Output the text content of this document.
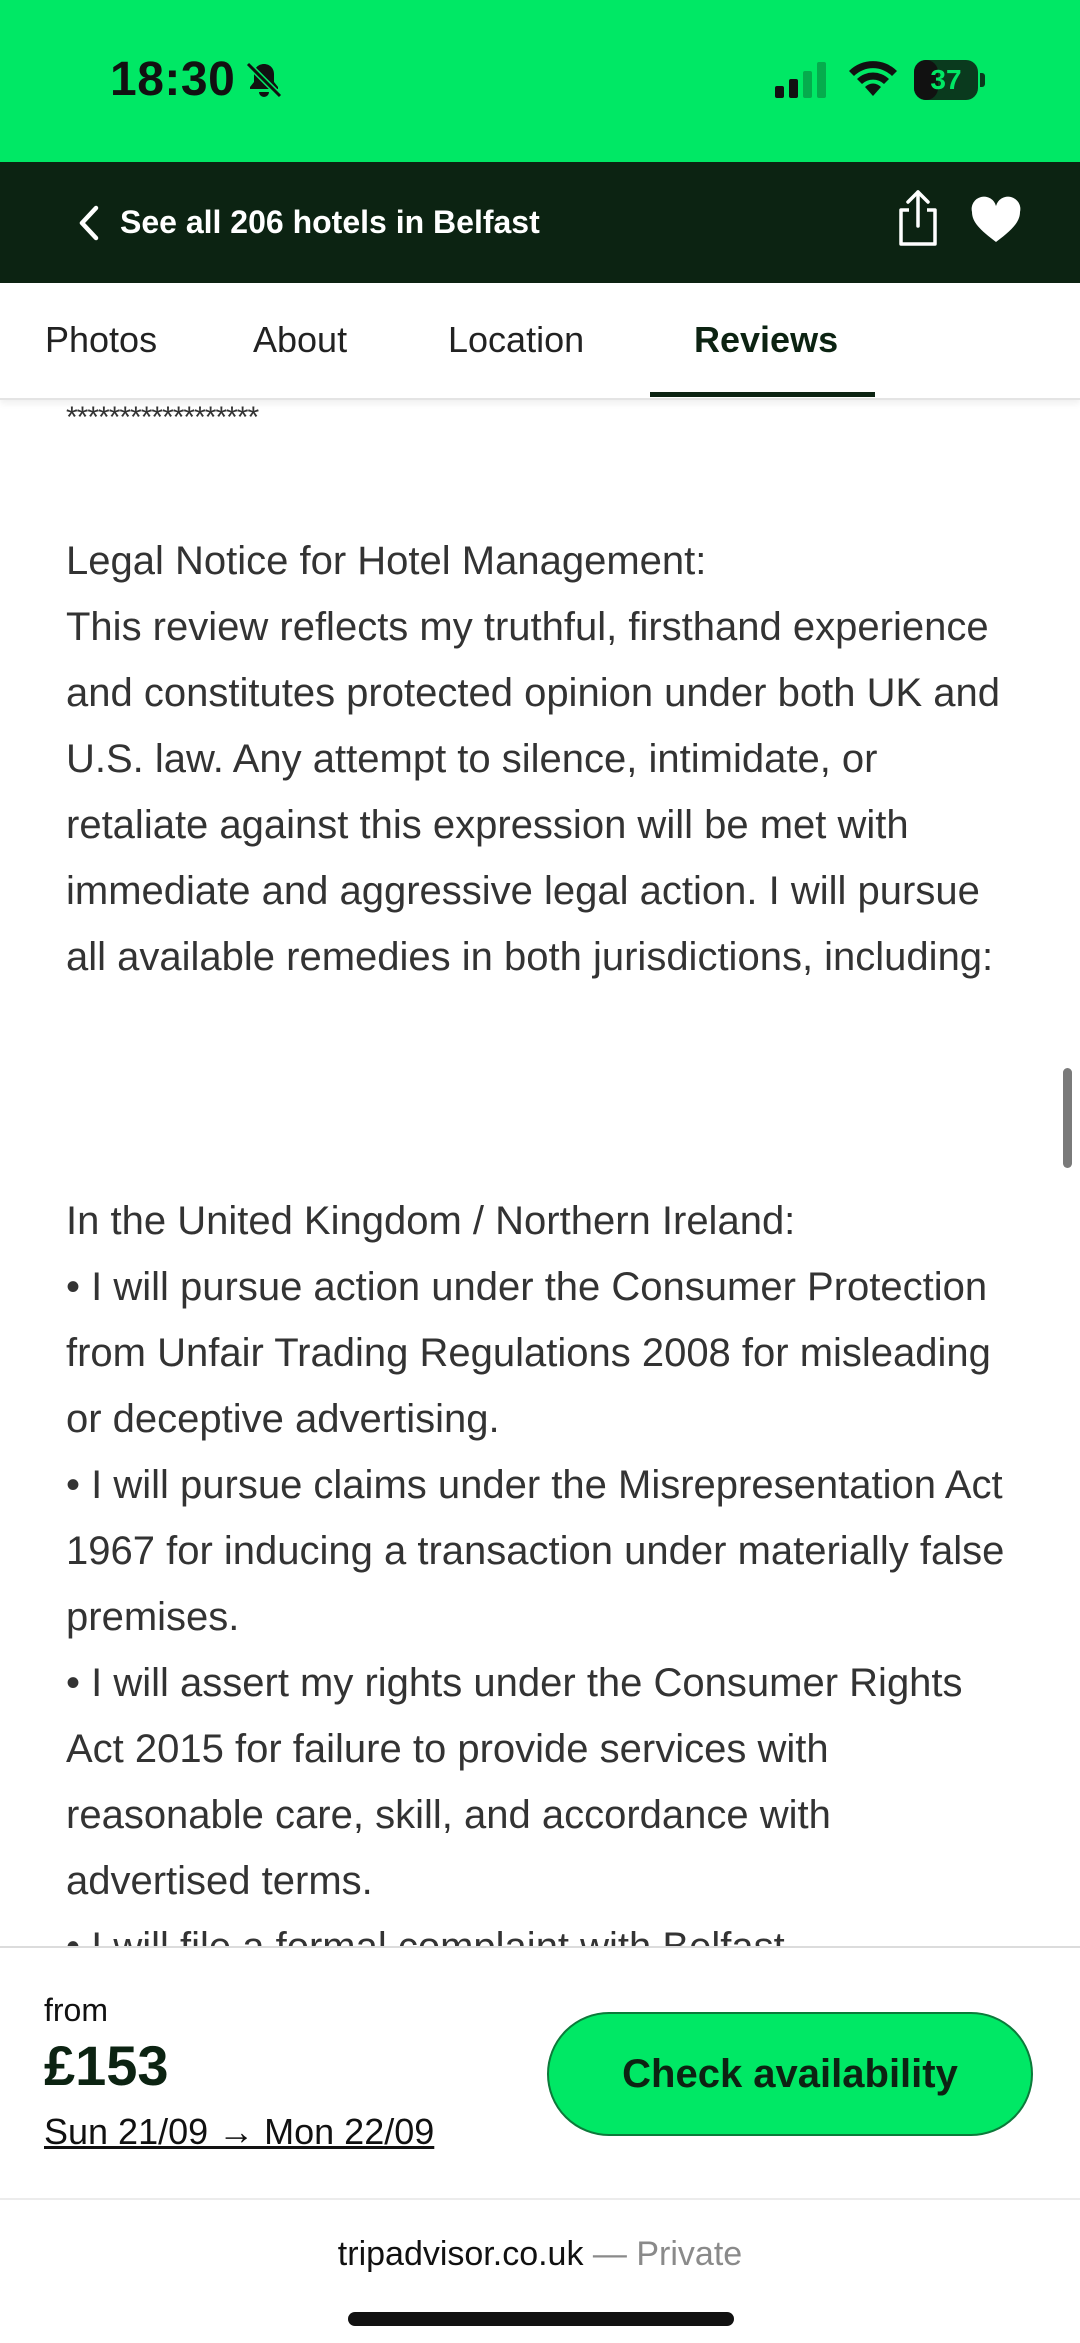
18:30	37
See all 206 hotels in Belfast
Photos	About	Location	Reviews
******************
Legal Notice for Hotel Management:
This review reflects my truthful, firsthand experience and constitutes protected opinion under both UK and U.S. law. Any attempt to silence, intimidate, or retaliate against this expression will be met with immediate and aggressive legal action. I will pursue all available remedies in both jurisdictions, including:
In the United Kingdom / Northern Ireland:
• I will pursue action under the Consumer Protection from Unfair Trading Regulations 2008 for misleading or deceptive advertising.
• I will pursue claims under the Misrepresentation Act 1967 for inducing a transaction under materially false premises.
• I will assert my rights under the Consumer Rights Act 2015 for failure to provide services with reasonable care, skill, and accordance with advertised terms.

from
£153
Sun 21/09 → Mon 22/09
Check availability
tripadvisor.co.uk — Private
